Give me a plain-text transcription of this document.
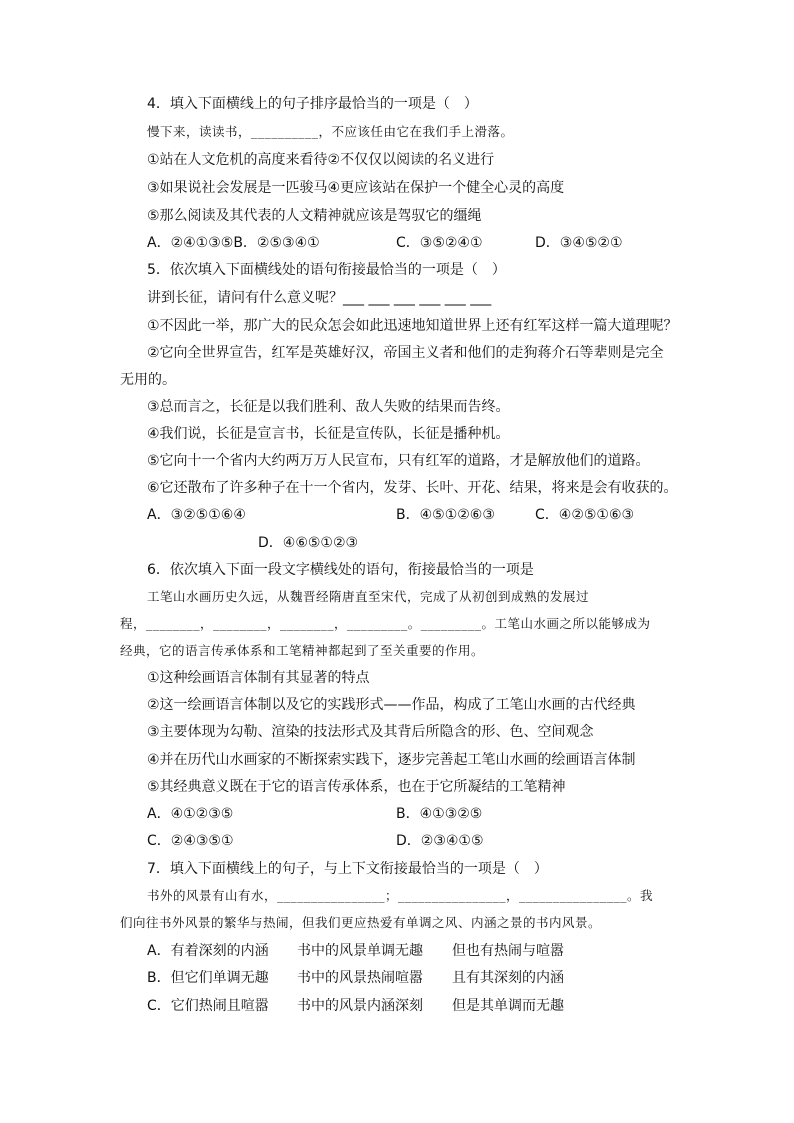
4．填入下面横线上的句子排序最恰当的一项是（　）
慢下来，读读书，__________，不应该任由它在我们手上滑落。
①站在人文危机的高度来看待②不仅仅以阅读的名义进行
③如果说社会发展是一匹骏马④更应该站在保护一个健全心灵的高度
⑤那么阅读及其代表的人文精神就应该是驾驭它的缰绳
A．②④①③⑤B．②⑤③④①	C．③⑤②④①	D．③④⑤②①
5．依次填入下面横线处的语句衔接最恰当的一项是（　）
讲到长征，请问有什么意义呢？___ ___ ___ ___ ___ ___
①不因此一举，那广大的民众怎会如此迅速地知道世界上还有红军这样一篇大道理呢？
②它向全世界宣告，红军是英雄好汉，帝国主义者和他们的走狗蒋介石等辈则是完全
无用的。
③总而言之，长征是以我们胜利、敌人失败的结果而告终。
④我们说，长征是宣言书，长征是宣传队，长征是播种机。
⑤它向十一个省内大约两万万人民宣布，只有红军的道路，才是解放他们的道路。
⑥它还散布了许多种子在十一个省内，发芽、长叶、开花、结果，将来是会有收获的。
A．③②⑤①⑥④	B．④⑤①②⑥③	C．④②⑤①⑥③
D．④⑥⑤①②③
6．依次填入下面一段文字横线处的语句，衔接最恰当的一项是
工笔山水画历史久远，从魏晋经隋唐直至宋代，完成了从初创到成熟的发展过
程，________，________，________，_________。_________。工笔山水画之所以能够成为
经典，它的语言传承体系和工笔精神都起到了至关重要的作用。
①这种绘画语言体制有其显著的特点
②这一绘画语言体制以及它的实践形式——作品，构成了工笔山水画的古代经典
③主要体现为勾勒、渲染的技法形式及其背后所隐含的形、色、空间观念
④并在历代山水画家的不断探索实践下，逐步完善起工笔山水画的绘画语言体制
⑤其经典意义既在于它的语言传承体系，也在于它所凝结的工笔精神
A．④①②③⑤	B．④①③②⑤
C．②④③⑤①	D．②③④①⑤
7．填入下面横线上的句子，与上下文衔接最恰当的一项是（　）
书外的风景有山有水，________________；________________，________________。我
们向往书外风景的繁华与热闹，但我们更应热爱有单调之风、内涵之景的书内风景。
A．有着深刻的内涵 书中的风景单调无趣 但也有热闹与喧嚣
B．但它们单调无趣 书中的风景热闹喧嚣 且有其深刻的内涵
C．它们热闹且喧嚣 书中的风景内涵深刻 但是其单调而无趣
